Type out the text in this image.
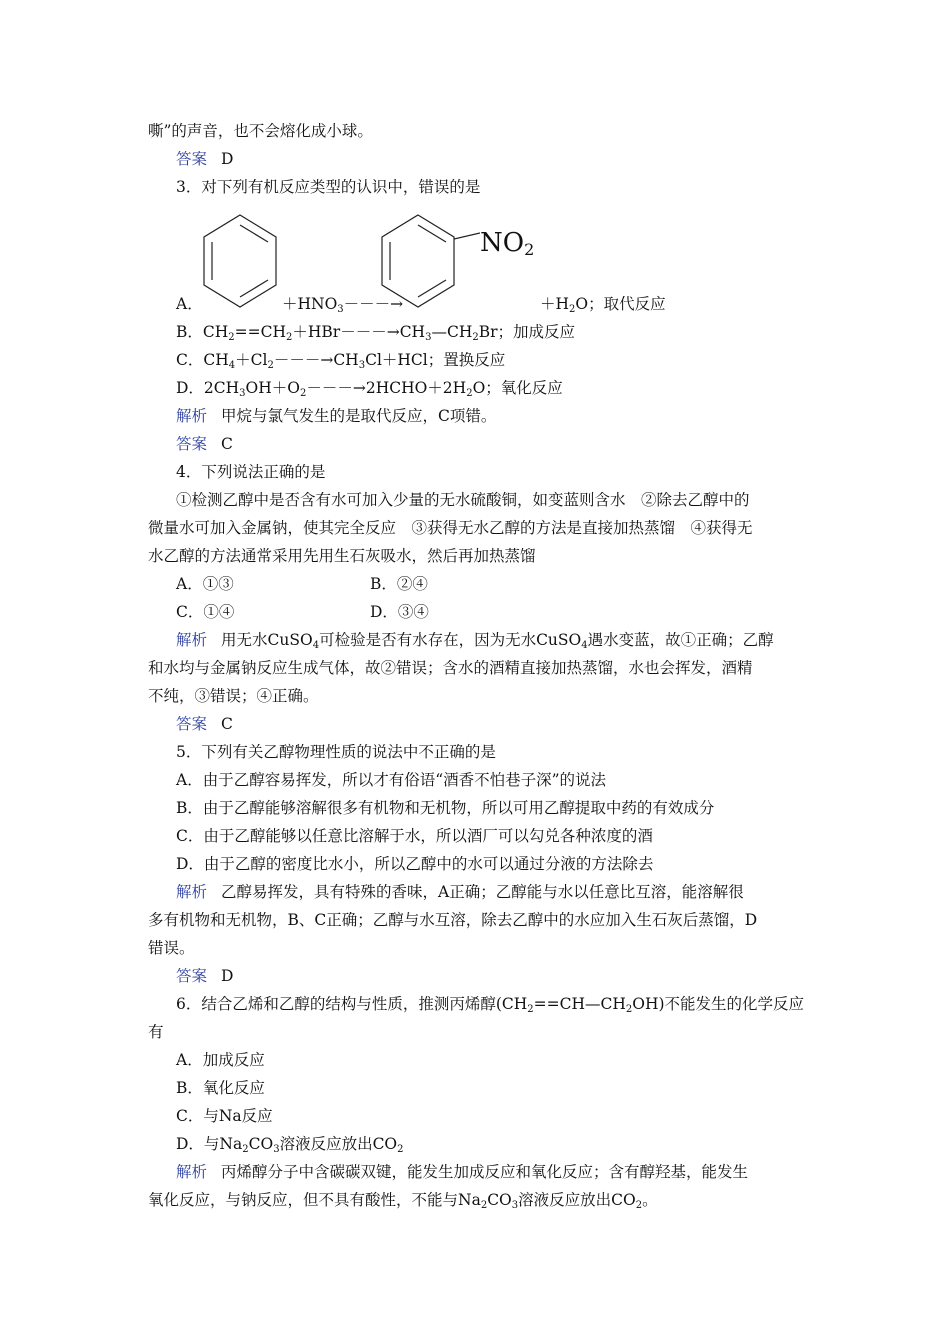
嘶”的声音，也不会熔化成小球。
答案 D
3．对下列有机反应类型的认识中，错误的是
$NO_2$
A．	$+HNO_3---\to$	$+H_2O$；取代反应
B．$CH_2==CH_2+HBr---\to CH_3—CH_2Br$；加成反应
C．$CH_4+Cl_2---\to CH_3Cl+HCl$；置换反应
D．$2CH_3OH+O_2---\to 2HCHO+2H_2O$；氧化反应
解析 甲烷与氯气发生的是取代反应，C项错。
答案 C
4．下列说法正确的是
①检测乙醇中是否含有水可加入少量的无水硫酸铜，如变蓝则含水　②除去乙醇中的
微量水可加入金属钠，使其完全反应　③获得无水乙醇的方法是直接加热蒸馏　④获得无
水乙醇的方法通常采用先用生石灰吸水，然后再加热蒸馏
A．①③	B．②④
C．①④	D．③④
解析 用无水CuSO$_4$可检验是否有水存在，因为无水CuSO$_4$遇水变蓝，故①正确；乙醇
和水均与金属钠反应生成气体，故②错误；含水的酒精直接加热蒸馏，水也会挥发，酒精
不纯，③错误；④正确。
答案 C
5．下列有关乙醇物理性质的说法中不正确的是
A．由于乙醇容易挥发，所以才有俗语“酒香不怕巷子深”的说法
B．由于乙醇能够溶解很多有机物和无机物，所以可用乙醇提取中药的有效成分
C．由于乙醇能够以任意比溶解于水，所以酒厂可以勾兑各种浓度的酒
D．由于乙醇的密度比水小，所以乙醇中的水可以通过分液的方法除去
解析 乙醇易挥发，具有特殊的香味，A正确；乙醇能与水以任意比互溶，能溶解很
多有机物和无机物，B、C正确；乙醇与水互溶，除去乙醇中的水应加入生石灰后蒸馏，D
错误。
答案 D
6．结合乙烯和乙醇的结构与性质，推测丙烯醇$(CH_2==CH—CH_2OH)$不能发生的化学反应
有
A．加成反应
B．氧化反应
C．与Na反应
D．与$Na_2CO_3$溶液反应放出$CO_2$
解析 丙烯醇分子中含碳碳双键，能发生加成反应和氧化反应；含有醇羟基，能发生
氧化反应，与钠反应，但不具有酸性，不能与$Na_2CO_3$溶液反应放出$CO_2$。
